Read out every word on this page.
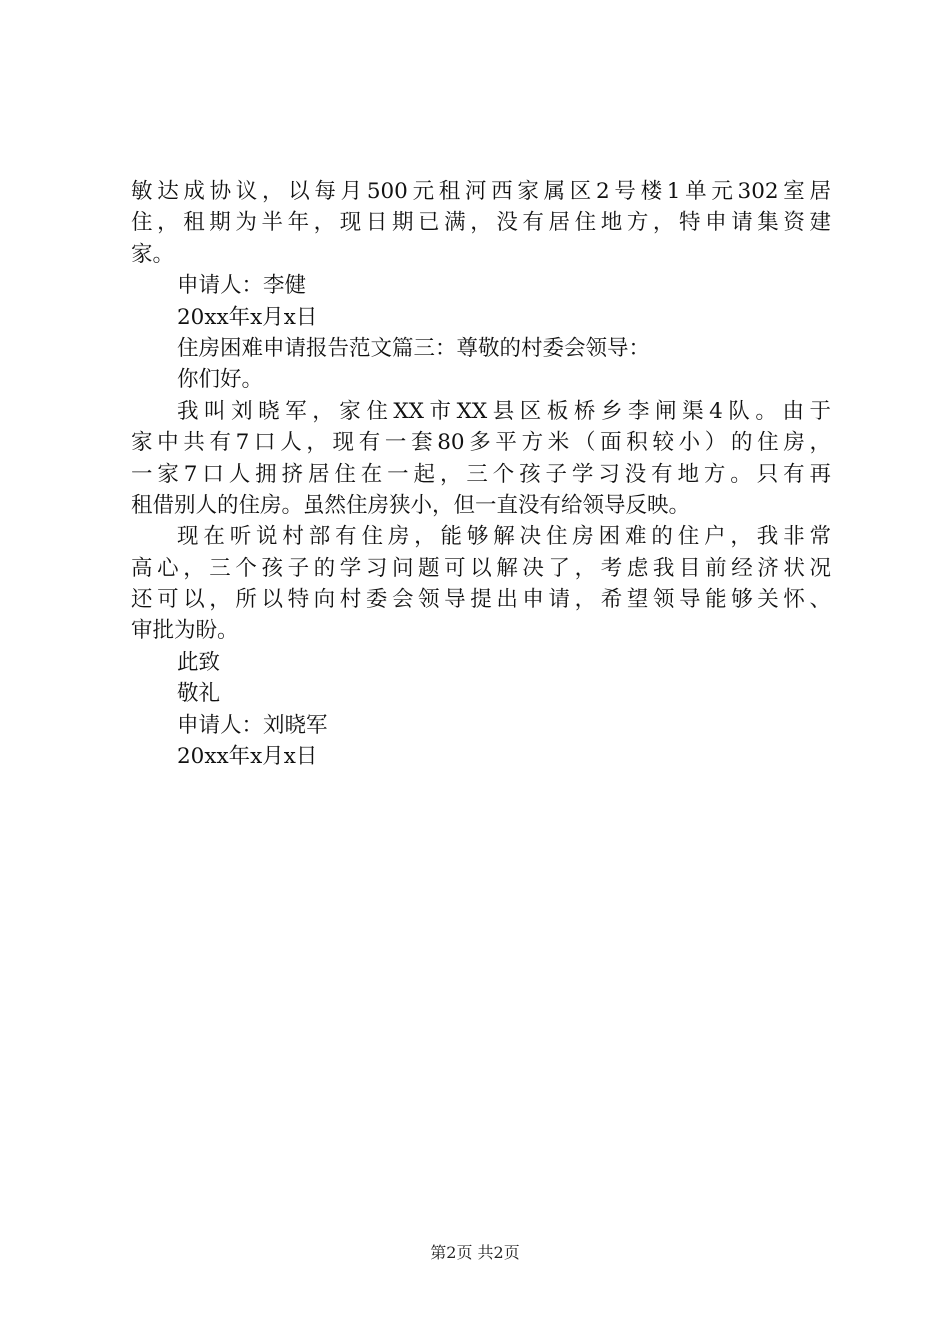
敏达成协议，以每月500元租河西家属区2号楼1单元302室居
住，租期为半年，现日期已满，没有居住地方，特申请集资建
家。
申请人：李健
20xx年x月x日
住房困难申请报告范文篇三：尊敬的村委会领导：
你们好。
我叫刘晓军，家住XX市XX县区板桥乡李闸渠4队。由于
家中共有7口人，现有一套80多平方米（面积较小）的住房，
一家7口人拥挤居住在一起，三个孩子学习没有地方。只有再
租借别人的住房。虽然住房狭小，但一直没有给领导反映。
现在听说村部有住房，能够解决住房困难的住户，我非常
高心，三个孩子的学习问题可以解决了，考虑我目前经济状况
还可以，所以特向村委会领导提出申请，希望领导能够关怀、
审批为盼。
此致
敬礼
申请人：刘晓军
20xx年x月x日
第2页 共2页
